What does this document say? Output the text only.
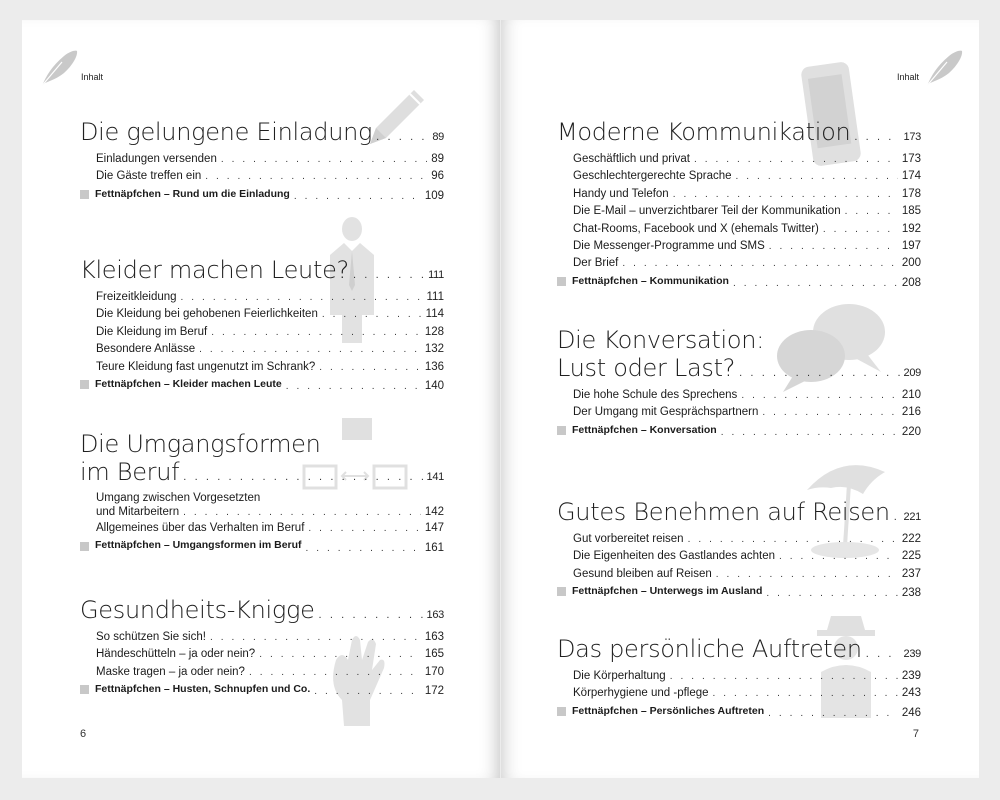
Inhalt
Die gelungene Einladung . . .	89
Einladungen versenden . . .	89
Die Gäste treffen ein . . .	96
Fettnäpfchen – Rund um die Einladung . . .	109
Kleider machen Leute? . . .	111
Freizeitkleidung . . .	111
Die Kleidung bei gehobenen Feierlichkeiten . . .	114
Die Kleidung im Beruf . . .	128
Besondere Anlässe . . .	132
Teure Kleidung fast ungenutzt im Schrank? . . .	136
Fettnäpfchen – Kleider machen Leute . . .	140
Die Umgangsformen
im Beruf . . .	141
Umgang zwischen Vorgesetzten
und Mitarbeitern . . .	142
Allgemeines über das Verhalten im Beruf . . .	147
Fettnäpfchen – Umgangsformen im Beruf . . .	161
Gesundheits-Knigge . . .	163
So schützen Sie sich! . . .	163
Händeschütteln – ja oder nein? . . .	165
Maske tragen – ja oder nein? . . .	170
Fettnäpfchen – Husten, Schnupfen und Co. . . .	172
6
Inhalt
Moderne Kommunikation . . .	173
Geschäftlich und privat . . .	173
Geschlechtergerechte Sprache . . .	174
Handy und Telefon . . .	178
Die E-Mail – unverzichtbarer Teil der Kommunikation . . .	185
Chat-Rooms, Facebook und X (ehemals Twitter) . . .	192
Die Messenger-Programme und SMS . . .	197
Der Brief . . .	200
Fettnäpfchen – Kommunikation . . .	208
Die Konversation:
Lust oder Last? . . .	209
Die hohe Schule des Sprechens . . .	210
Der Umgang mit Gesprächspartnern . . .	216
Fettnäpfchen – Konversation . . .	220
Gutes Benehmen auf Reisen . . . 221
Gut vorbereitet reisen . . .	222
Die Eigenheiten des Gastlandes achten . . .	225
Gesund bleiben auf Reisen . . .	237
Fettnäpfchen – Unterwegs im Ausland . . .	238
Das persönliche Auftreten . . .	239
Die Körperhaltung . . .	239
Körperhygiene und -pflege . . .	243
Fettnäpfchen – Persönliches Auftreten . . .	246
7
